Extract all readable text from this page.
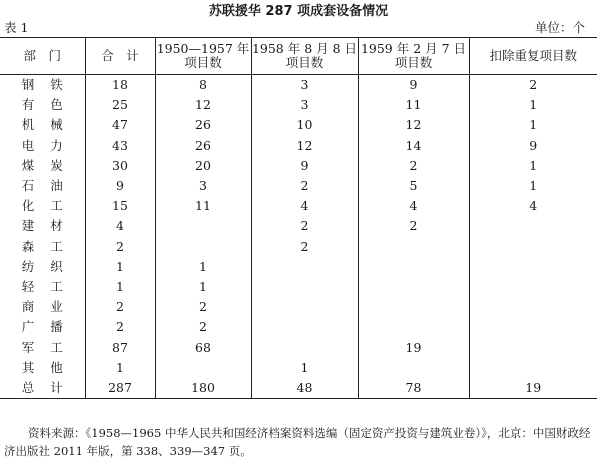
苏联援华 287 项成套设备情况
表 1	单位：个
部　门	合　计	1950—1957 年项目数	1958 年 8 月 8 日项目数	1959 年 2 月 7 日项目数	扣除重复项目数
钢铁	18	8	3	9	2
有色	25	12	3	11	1
机械	47	26	10	12	1
电力	43	26	12	14	9
煤炭	30	20	9	2	1
石油	9	3	2	5	1
化工	15	11	4	4	4
建材	4		2	2	
森工	2		2		
纺织	1	1			
轻工	1	1			
商业	2	2			
广播	2	2			
军工	87	68		19	
其他	1		1		
总计	287	180	48	78	19
资料来源：《1958—1965 中华人民共和国经济档案资料选编（固定资产投资与建筑业卷）》，北京：中国财政经济出版社 2011 年版，第 338、339—347 页。
